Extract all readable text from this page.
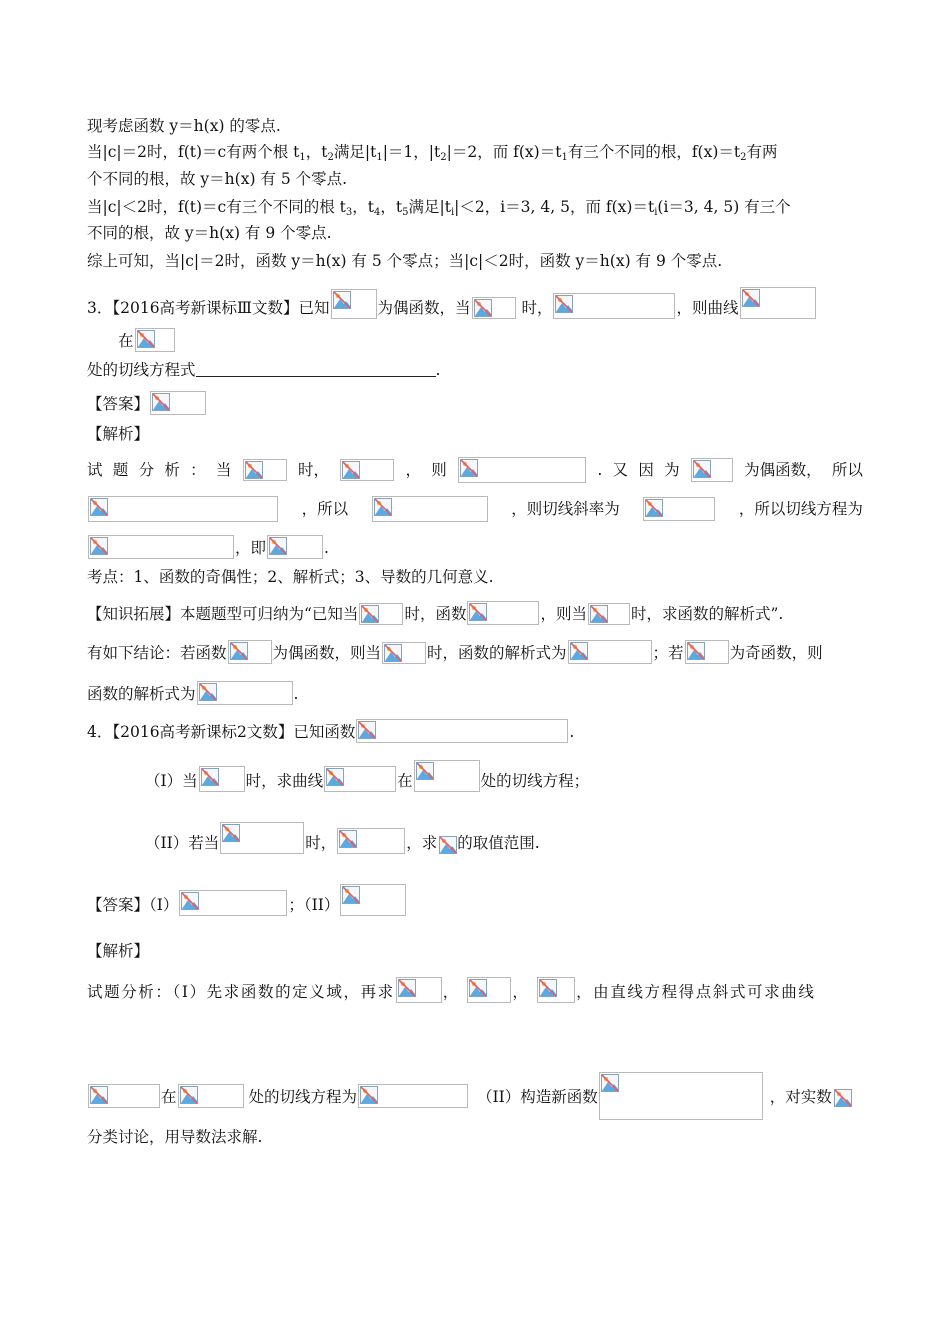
现考虑函数 y＝h(x) 的零点.
当|c|＝2时，f(t)＝c有两个根 $t_1$，$t_2$满足$|t_1|=1$，$|t_2|=2$，而 $f(x)=t_1$有三个不同的根，$f(x)=t_2$有两
个不同的根，故 y＝h(x) 有 5 个零点.
当|c|＜2时，f(t)＝c有三个不同的根 $t_3$，$t_4$，$t_5$满足$|t_i|<2$，i＝3, 4, 5，而 $f(x)=t_i(i=3$, 4, 5) 有三个
不同的根，故 y＝h(x) 有 9 个零点.
综上可知，当|c|＝2时，函数 y＝h(x) 有 5 个零点；当|c|＜2时，函数 y＝h(x) 有 9 个零点.
3．【2016高考新课标Ⅲ文数】已知	为偶函数，当	时，	，则曲线
在
处的切线方程式	.
【答案】
【解析】
试 题 分 析 ： 当	时，	， 则	. 又 因 为	为偶函数， 所以
，所以	，则切线斜率为	，所以切线方程为
，即	.
考点：1、函数的奇偶性；2、解析式；3、导数的几何意义.
【知识拓展】本题题型可归纳为“已知当	时，函数	，则当	时，求函数的解析式”.
有如下结论：若函数	为偶函数，则当	时，函数的解析式为	；若	为奇函数，则
函数的解析式为	.
4．【2016高考新课标2文数】已知函数	.
（I）当	时，求曲线	在	处的切线方程；
（II）若当	时，	，求 的取值范围.
【答案】（I）	；（II）
【解析】
试题分析：（I）先求函数的定义域，再求	，	，	，由直线方程得点斜式可求曲线
在	处的切线方程为	（II）构造新函数	，对实数
分类讨论，用导数法求解.
